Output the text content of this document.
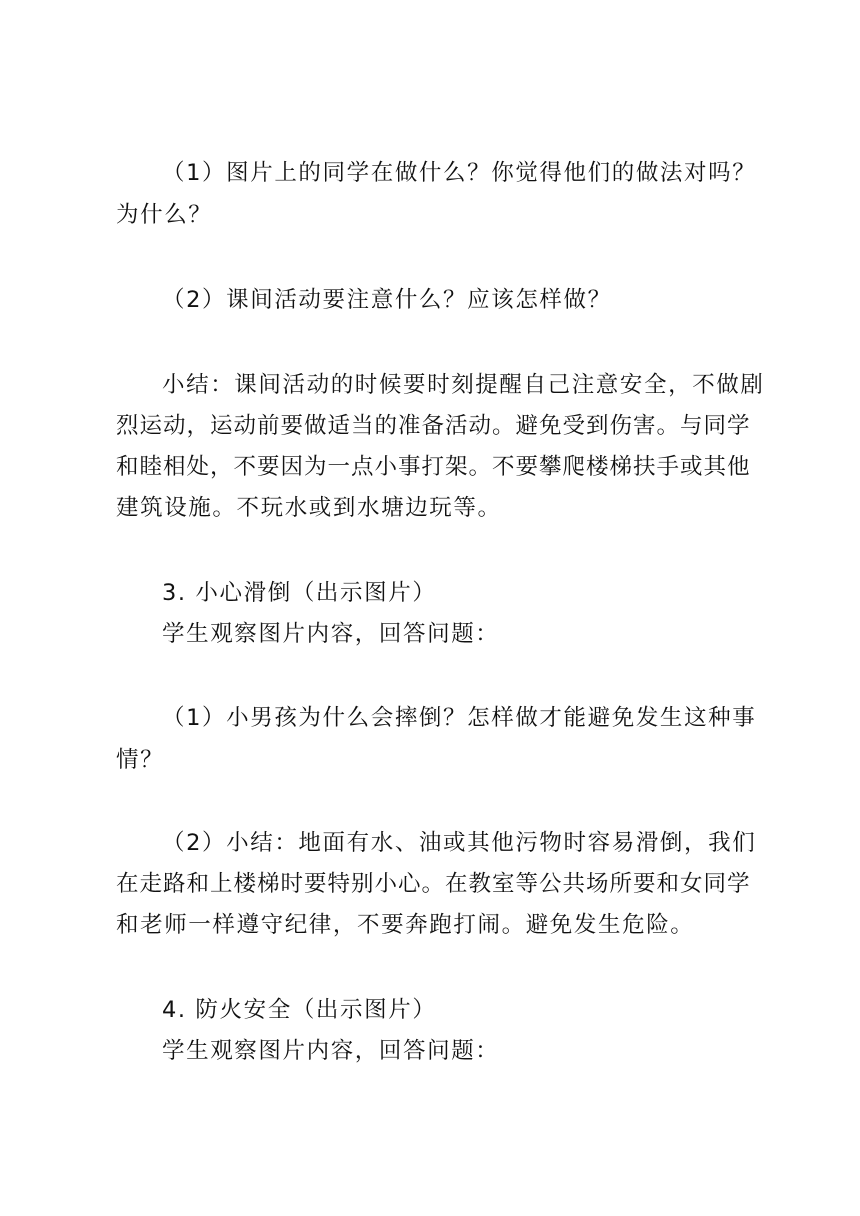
（1）图片上的同学在做什么？你觉得他们的做法对吗？
为什么？
（2）课间活动要注意什么？应该怎样做？
小结：课间活动的时候要时刻提醒自己注意安全，不做剧
烈运动，运动前要做适当的准备活动。避免受到伤害。与同学
和睦相处，不要因为一点小事打架。不要攀爬楼梯扶手或其他
建筑设施。不玩水或到水塘边玩等。
3. 小心滑倒（出示图片）
学生观察图片内容，回答问题：
（1）小男孩为什么会摔倒？怎样做才能避免发生这种事
情？
（2）小结：地面有水、油或其他污物时容易滑倒，我们
在走路和上楼梯时要特别小心。在教室等公共场所要和女同学
和老师一样遵守纪律，不要奔跑打闹。避免发生危险。
4. 防火安全（出示图片）
学生观察图片内容，回答问题：
